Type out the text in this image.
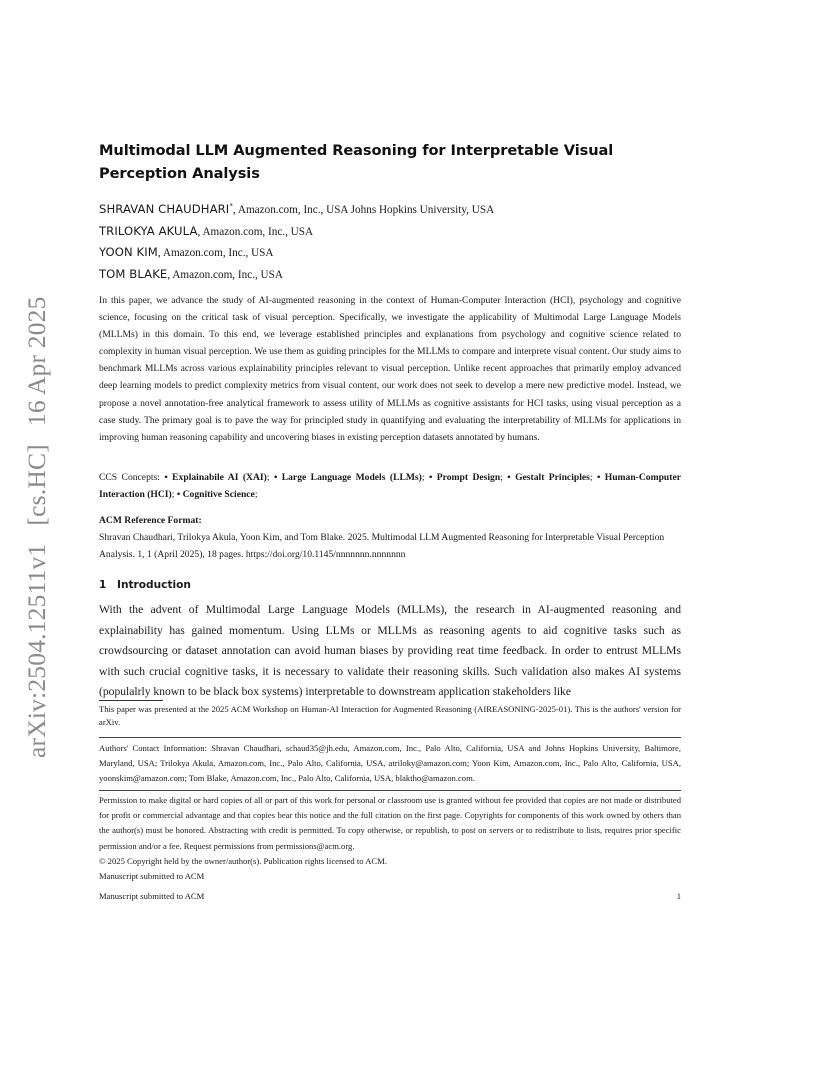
arXiv:2504.12511v1[cs.HC]16 Apr 2025
Multimodal LLM Augmented Reasoning for Interpretable Visual Perception Analysis
SHRAVAN CHAUDHARI*, Amazon.com, Inc., USA Johns Hopkins University, USA
TRILOKYA AKULA, Amazon.com, Inc., USA
YOON KIM, Amazon.com, Inc., USA
TOM BLAKE, Amazon.com, Inc., USA
In this paper, we advance the study of AI-augmented reasoning in the context of Human-Computer Interaction (HCI), psychology and cognitive science, focusing on the critical task of visual perception. Specifically, we investigate the applicability of Multimodal Large Language Models (MLLMs) in this domain. To this end, we leverage established principles and explanations from psychology and cognitive science related to complexity in human visual perception. We use them as guiding principles for the MLLMs to compare and interprete visual content. Our study aims to benchmark MLLMs across various explainability principles relevant to visual perception. Unlike recent approaches that primarily employ advanced deep learning models to predict complexity metrics from visual content, our work does not seek to develop a mere new predictive model. Instead, we propose a novel annotation-free analytical framework to assess utility of MLLMs as cognitive assistants for HCI tasks, using visual perception as a case study. The primary goal is to pave the way for principled study in quantifying and evaluating the interpretability of MLLMs for applications in improving human reasoning capability and uncovering biases in existing perception datasets annotated by humans.
CCS Concepts: • Explainabile AI (XAI); • Large Language Models (LLMs); • Prompt Design; • Gestalt Principles; • Human-Computer Interaction (HCI); • Cognitive Science;
ACM Reference Format:
Shravan Chaudhari, Trilokya Akula, Yoon Kim, and Tom Blake. 2025. Multimodal LLM Augmented Reasoning for Interpretable Visual Perception Analysis. 1, 1 (April 2025), 18 pages. https://doi.org/10.1145/nnnnnnn.nnnnnnn
1 Introduction
With the advent of Multimodal Large Language Models (MLLMs), the research in AI-augmented reasoning and explainability has gained momentum. Using LLMs or MLLMs as reasoning agents to aid cognitive tasks such as crowdsourcing or dataset annotation can avoid human biases by providing reat time feedback. In order to entrust MLLMs with such crucial cognitive tasks, it is necessary to validate their reasoning skills. Such validation also makes AI systems (populalrly known to be black box systems) interpretable to downstream application stakeholders like
This paper was presented at the 2025 ACM Workshop on Human-AI Interaction for Augmented Reasoning (AIREASONING-2025-01). This is the authors' version for arXiv.
Authors' Contact Information: Shravan Chaudhari, schaud35@jh.edu, Amazon.com, Inc., Palo Alto, California, USA and Johns Hopkins University, Baltimore, Maryland, USA; Trilokya Akula, Amazon.com, Inc., Palo Alto, California, USA, atriloky@amazon.com; Yoon Kim, Amazon.com, Inc., Palo Alto, California, USA, yoonskim@amazon.com; Tom Blake, Amazon.com, Inc., Palo Alto, California, USA, blaktho@amazon.com.
Permission to make digital or hard copies of all or part of this work for personal or classroom use is granted without fee provided that copies are not made or distributed for profit or commercial advantage and that copies bear this notice and the full citation on the first page. Copyrights for components of this work owned by others than the author(s) must be honored. Abstracting with credit is permitted. To copy otherwise, or republish, to post on servers or to redistribute to lists, requires prior specific permission and/or a fee. Request permissions from permissions@acm.org.
© 2025 Copyright held by the owner/author(s). Publication rights licensed to ACM.
Manuscript submitted to ACM
Manuscript submitted to ACM	1
